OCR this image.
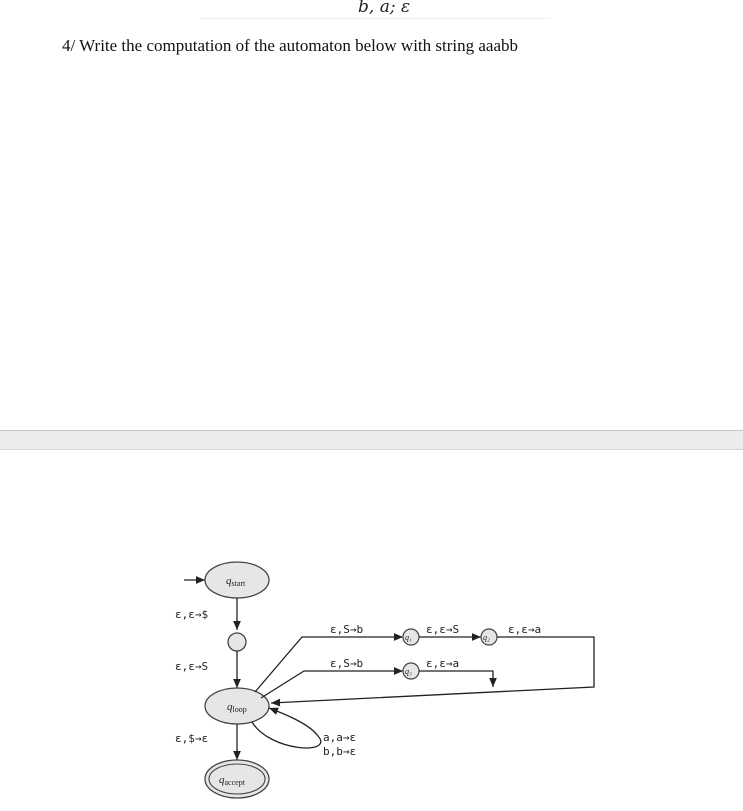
b, a; ε
4/ Write the computation of the automaton below with string aaabb
qstart
ε,ε→$
ε,ε→S
qloop
a,a→ε
b,b→ε
ε,$→ε
qaccept
ε,S→b
q₁
ε,ε→S
q₂
ε,ε→a
ε,S→b
q₃
ε,ε→a
